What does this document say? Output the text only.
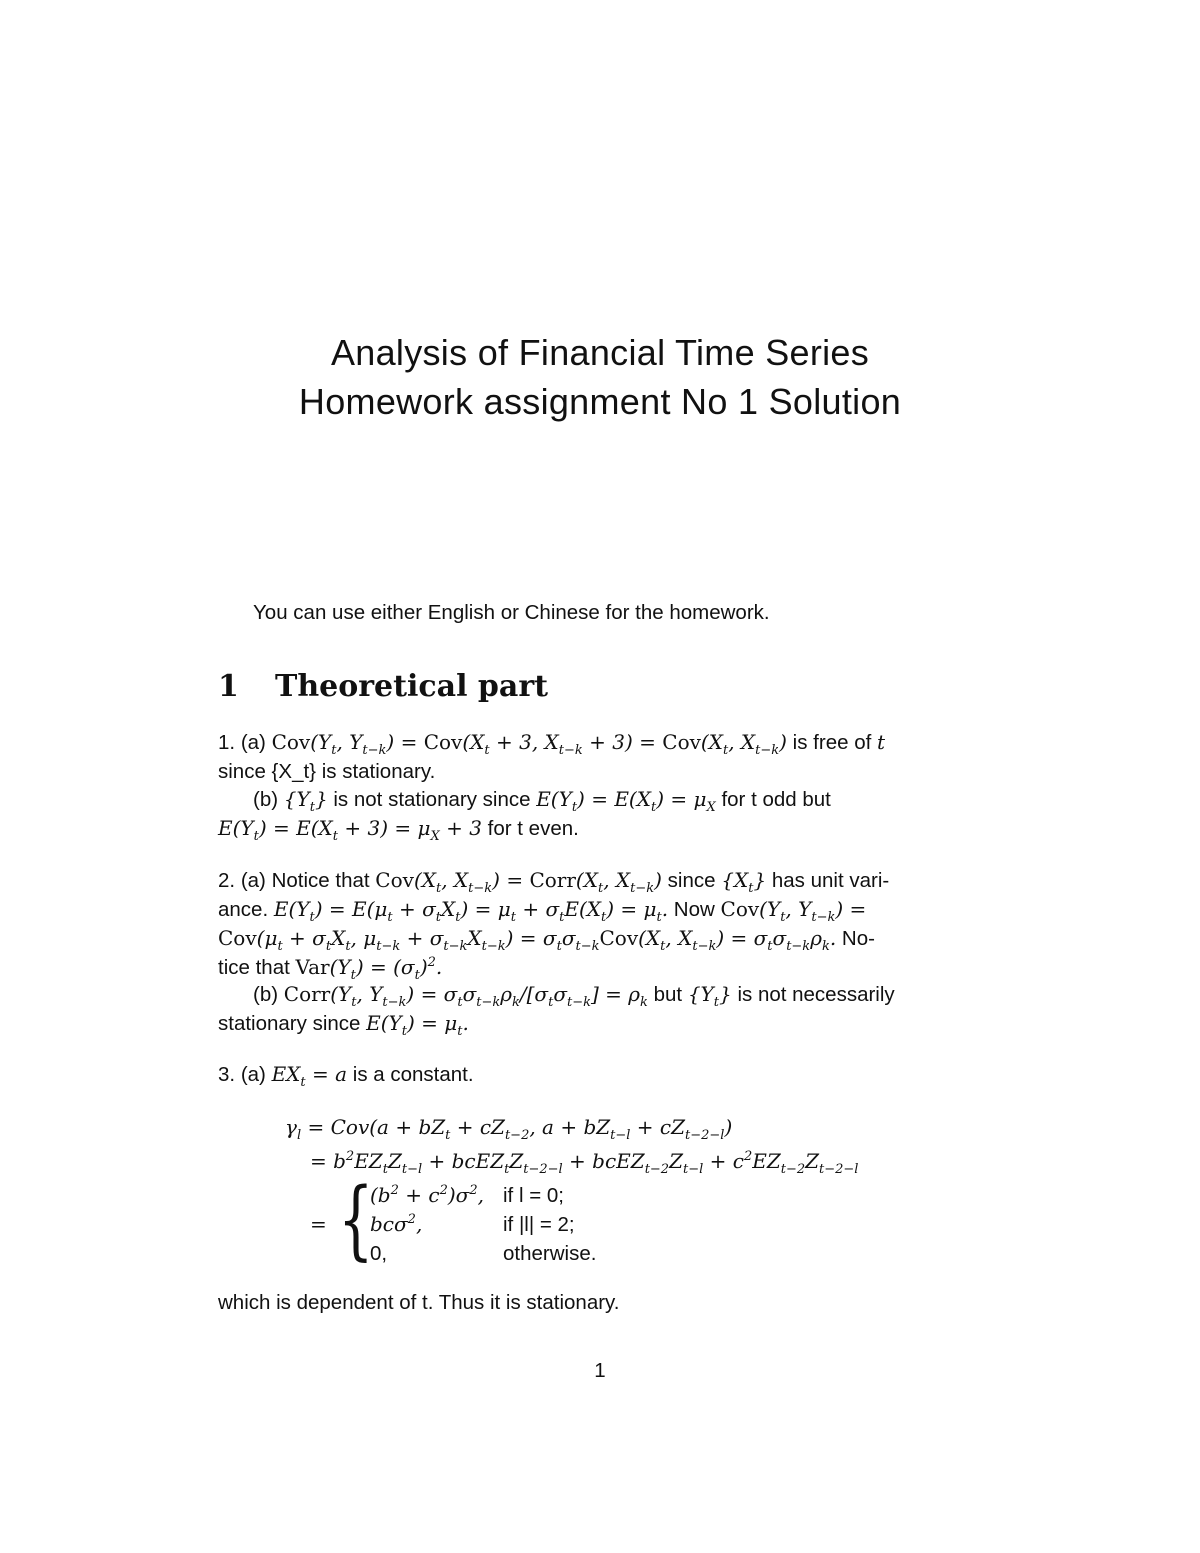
Analysis of Financial Time Series
Homework assignment No 1 Solution
You can use either English or Chinese for the homework.
1 Theoretical part
1. (a) $Cov(Y_t$, $Y_{t-k}) = Cov(X_t + 3$, $X_{t-k} + 3) = Cov(X_t$, $X_{t-k}$) is free of t
since {X_t} is stationary.
(b) $\{Y_t\}$ is not stationary since $E(Y_t) = E(X_t) = \mu_X$ for t odd but
$E(Y_t) = E(X_t + 3) = \mu_X + 3$ for t even.
2. (a) Notice that $Cov(X_t$, $X_{t-k}$) = $Corr(X_t$, $X_{t-k}$) since $\{X_t\}$ has unit vari-
ance. $E(Y_t) = E(\mu_t + \sigma_tX_t) = \mu_t + \sigma_tE(X_t) = \mu_t$. Now $Cov(Y_t$, $Y_{t-k}$) =
$Cov(\mu_t + \sigma_tX_t$, $\mu_{t-k} + \sigma_{t-k}X_{t-k}) = \sigma_t\sigma_{t-k}Cov(X_t$, $X_{t-k}) = \sigma_t\sigma_{t-k}\rho_k$. No-
tice that $Var(Y_t) = (\sigma_t)^2$.
(b) $Corr(Y_t$, $Y_{t-k}) = \sigma_t\sigma_{t-k}\rho_k/[\sigma_t\sigma_{t-k}] = \rho_k$ but $\{Y_t\}$ is not necessarily
stationary since $E(Y_t) = \mu_t$.
3. (a) $EX_t = a$ is a constant.
$\gamma_l = Cov(a + bZ_t + cZ_{t-2}$, $a + bZ_{t-l} + cZ_{t-2-l}$)
= $b^2EZ_tZ_{t-l}$ + $bcEZ_tZ_{t-2-l}$ + $bcEZ_{t-2}Z_{t-l} + c^2EZ_{t-2}Z_{t-2-l}$
= {
$(b^2 + c^2)\sigma^2$, if l = 0;
bcσ$^2$,	if |l| = 2;
0,	otherwise.
which is dependent of t. Thus it is stationary.
1
